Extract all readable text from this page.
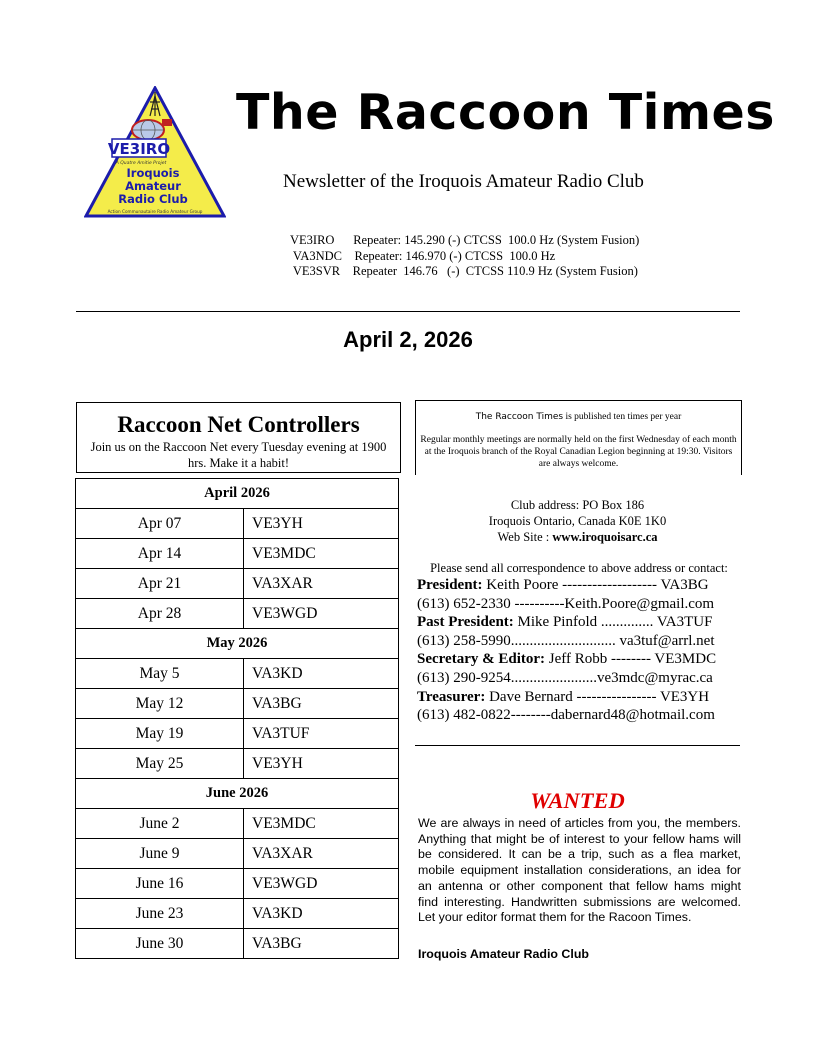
VE3IRO
A Quatre Amitie Projet
Iroquois
Amateur
Radio Club
Action Communautaire Radio Amateur Group
The Raccoon Times
Newsletter of the Iroquois Amateur Radio Club
VE3IRO      Repeater: 145.290 (-) CTCSS  100.0 Hz (System Fusion)
VA3NDC    Repeater: 146.970 (-) CTCSS  100.0 Hz
VE3SVR    Repeater  146.76   (-)  CTCSS 110.9 Hz (System Fusion)
April 2, 2026
Raccoon Net Controllers
Join us on the Raccoon Net every Tuesday evening at 1900 hrs. Make it a habit!
April 2026	
Apr 07	VE3YH
Apr 14	VE3MDC
Apr 21	VA3XAR
Apr 28	VE3WGD
May 2026	
May 5	VA3KD
May 12	VA3BG
May 19	VA3TUF
May 25	VE3YH
June 2026	
June 2	VE3MDC
June 9	VA3XAR
June 16	VE3WGD
June 23	VA3KD
June 30	VA3BG
The Raccoon Times is published ten times per year
Regular monthly meetings are normally held on the first Wednesday of each month at the Iroquois branch of the Royal Canadian Legion beginning at 19:30. Visitors are always welcome.
Club address: PO Box 186
Iroquois Ontario, Canada K0E 1K0
Web Site : www.iroquoisarc.ca
Please send all correspondence to above address or contact:
President: Keith Poore ------------------- VA3BG
(613) 652-2330 ----------Keith.Poore@gmail.com
Past President: Mike Pinfold .............. VA3TUF
(613) 258-5990............................ va3tuf@arrl.net
Secretary & Editor: Jeff Robb -------- VE3MDC
(613) 290-9254.......................ve3mdc@myrac.ca
Treasurer: Dave Bernard ---------------- VE3YH
(613) 482-0822--------dabernard48@hotmail.com
WANTED
We are always in need of articles from you, the members. Anything that might be of interest to your fellow hams will be considered. It can be a trip, such as a flea market, mobile equipment installation considerations, an idea for an antenna or other component that fellow hams might find interesting. Handwritten submissions are welcomed. Let your editor format them for the Racoon Times.
Iroquois Amateur Radio Club
